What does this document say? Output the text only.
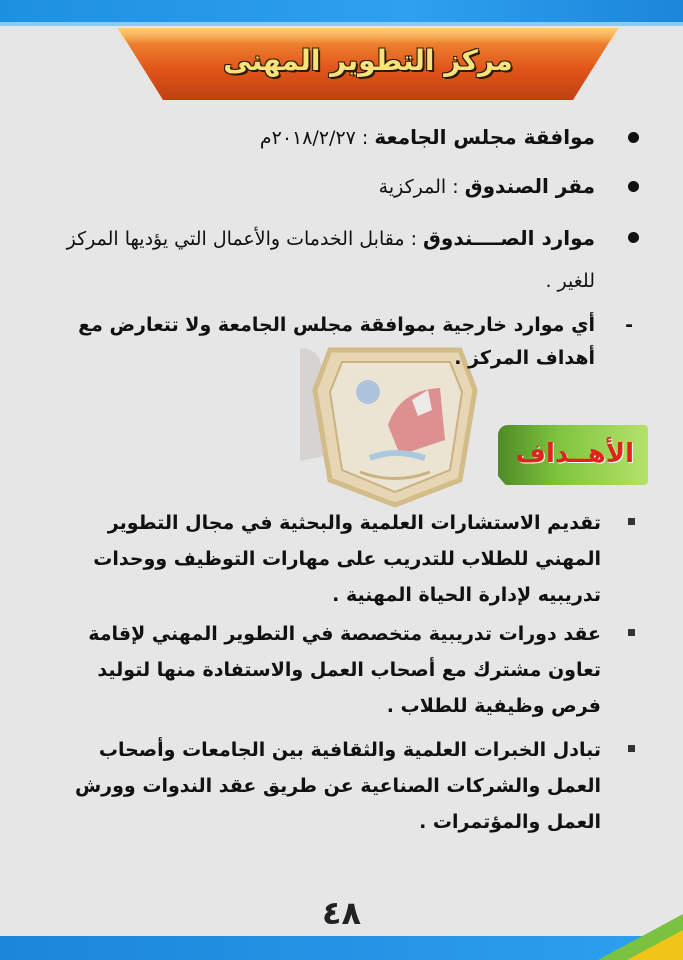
مركز التطوير المهنى
موافقة مجلس الجامعة : ٢٠١٨/٢/٢٧م
مقر الصندوق : المركزية
موارد الصــــندوق : مقابل الخدمات والأعمال التي يؤديها المركز للغير .
-
أي موارد خارجية بموافقة مجلس الجامعة ولا تتعارض مع أهداف المركز .
الأهــداف
تقديم الاستشارات العلمية والبحثية في مجال التطوير المهني للطلاب للتدريب على مهارات التوظيف ووحدات تدريبيه لإدارة الحياة المهنية .
عقد دورات تدريبية متخصصة في التطوير المهني لإقامة تعاون مشترك مع أصحاب العمل والاستفادة منها لتوليد فرص وظيفية للطلاب .
تبادل الخبرات العلمية والثقافية بين الجامعات وأصحاب العمل والشركات الصناعية عن طريق عقد الندوات وورش العمل والمؤتمرات .
٤٨
